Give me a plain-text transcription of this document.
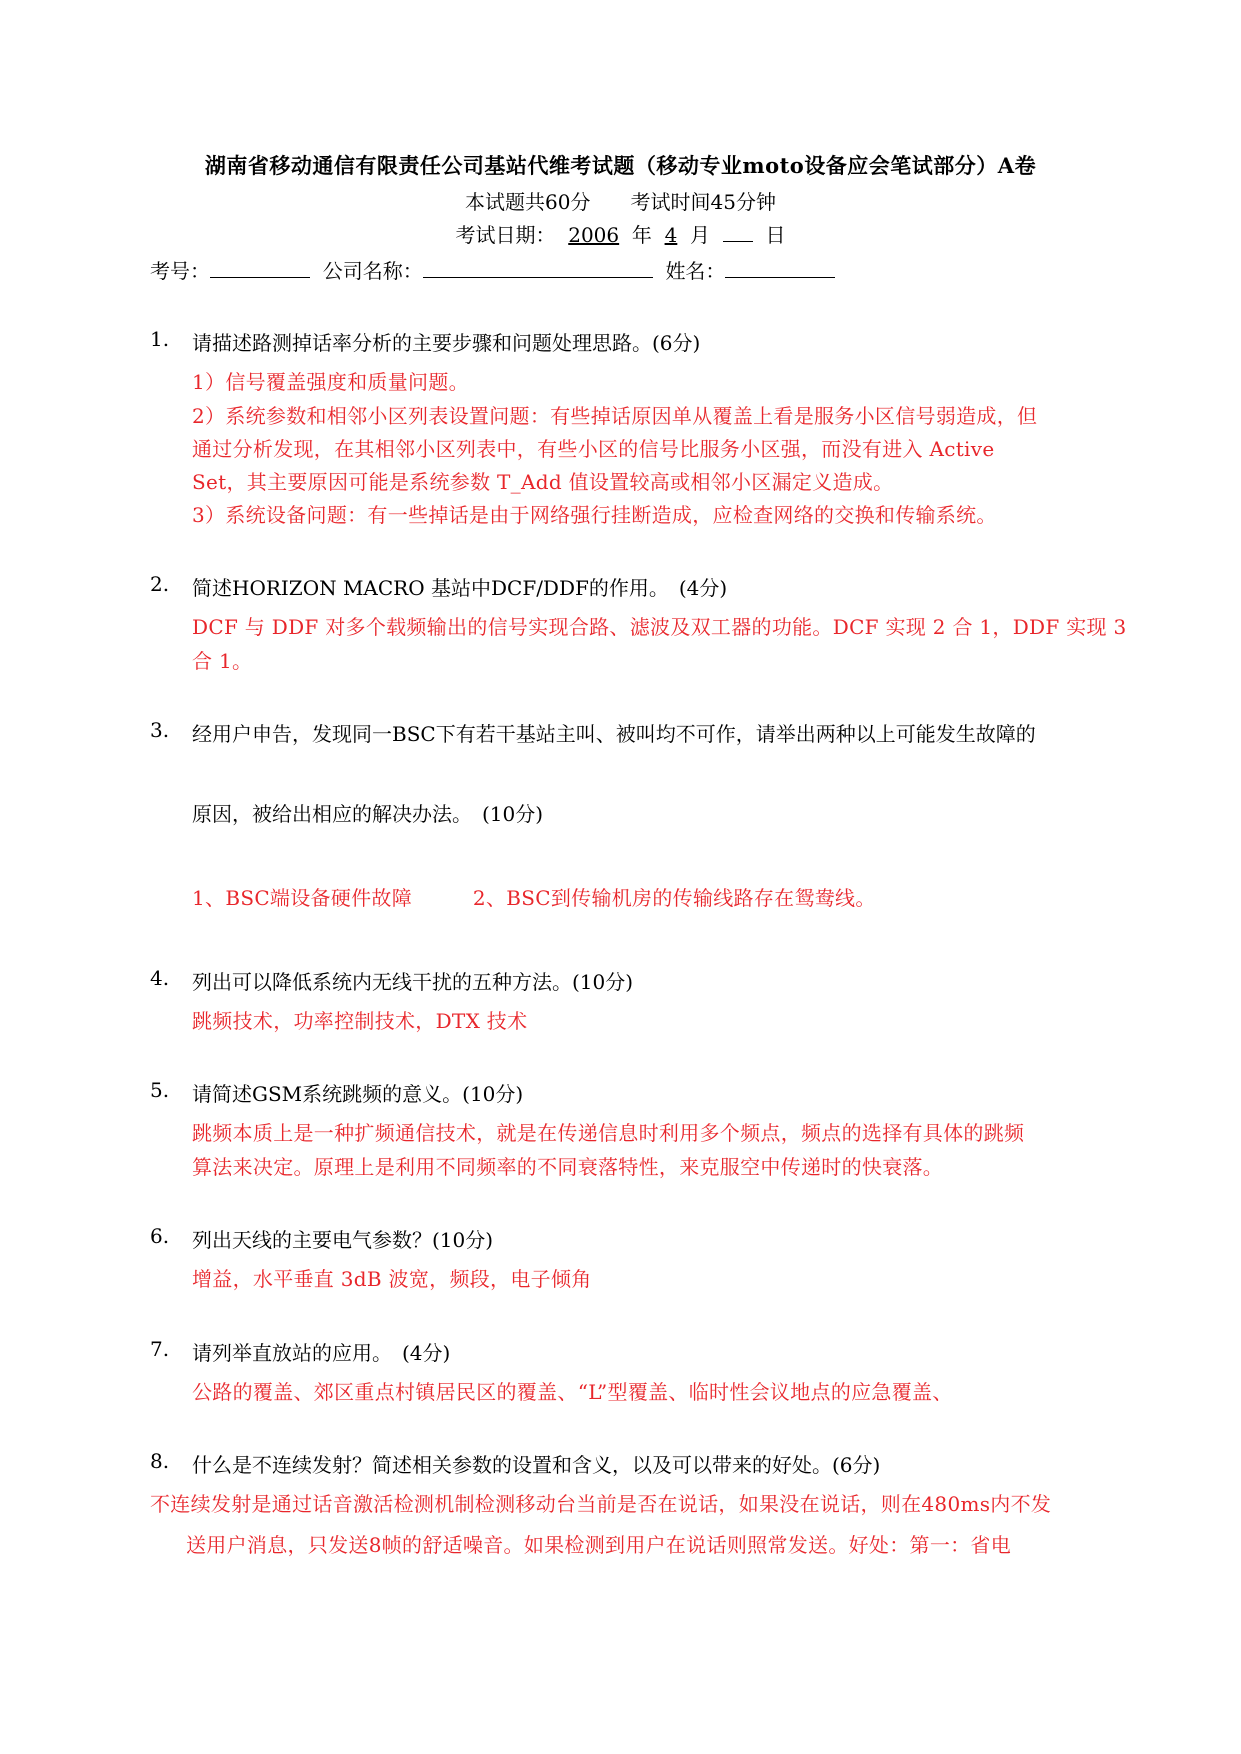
湖南省移动通信有限责任公司基站代维考试题（移动专业moto设备应会笔试部分）A卷
本试题共60分　　考试时间45分钟
考试日期： 2006 年 4 月	日
考号：	公司名称：	姓名：
1. 请描述路测掉话率分析的主要步骤和问题处理思路。(6分)
1）信号覆盖强度和质量问题。
2）系统参数和相邻小区列表设置问题：有些掉话原因单从覆盖上看是服务小区信号弱造成，但
通过分析发现，在其相邻小区列表中，有些小区的信号比服务小区强，而没有进入 Active
Set，其主要原因可能是系统参数 T_Add 值设置较高或相邻小区漏定义造成。
3）系统设备问题：有一些掉话是由于网络强行挂断造成，应检查网络的交换和传输系统。
2. 简述HORIZON MACRO 基站中DCF/DDF的作用。　(4分)
DCF 与 DDF 对多个载频输出的信号实现合路、滤波及双工器的功能。DCF 实现 2 合 1，DDF 实现 3
合 1。
3. 经用户申告，发现同一BSC下有若干基站主叫、被叫均不可作，请举出两种以上可能发生故障的
原因，被给出相应的解决办法。　(10分)
1、BSC端设备硬件故障　　　2、BSC到传输机房的传输线路存在鸳鸯线。
4. 列出可以降低系统内无线干扰的五种方法。(10分)
跳频技术，功率控制技术，DTX 技术
5. 请简述GSM系统跳频的意义。(10分)
跳频本质上是一种扩频通信技术，就是在传递信息时利用多个频点，频点的选择有具体的跳频
算法来决定。原理上是利用不同频率的不同衰落特性，来克服空中传递时的快衰落。
6. 列出天线的主要电气参数？(10分)
增益，水平垂直 3dB 波宽，频段，电子倾角
7. 请列举直放站的应用。　(4分)
公路的覆盖、郊区重点村镇居民区的覆盖、“L”型覆盖、临时性会议地点的应急覆盖、
8. 什么是不连续发射？简述相关参数的设置和含义，以及可以带来的好处。(6分)
不连续发射是通过话音激活检测机制检测移动台当前是否在说话，如果没在说话，则在480ms内不发
送用户消息，只发送8帧的舒适噪音。如果检测到用户在说话则照常发送。好处：第一：省电
